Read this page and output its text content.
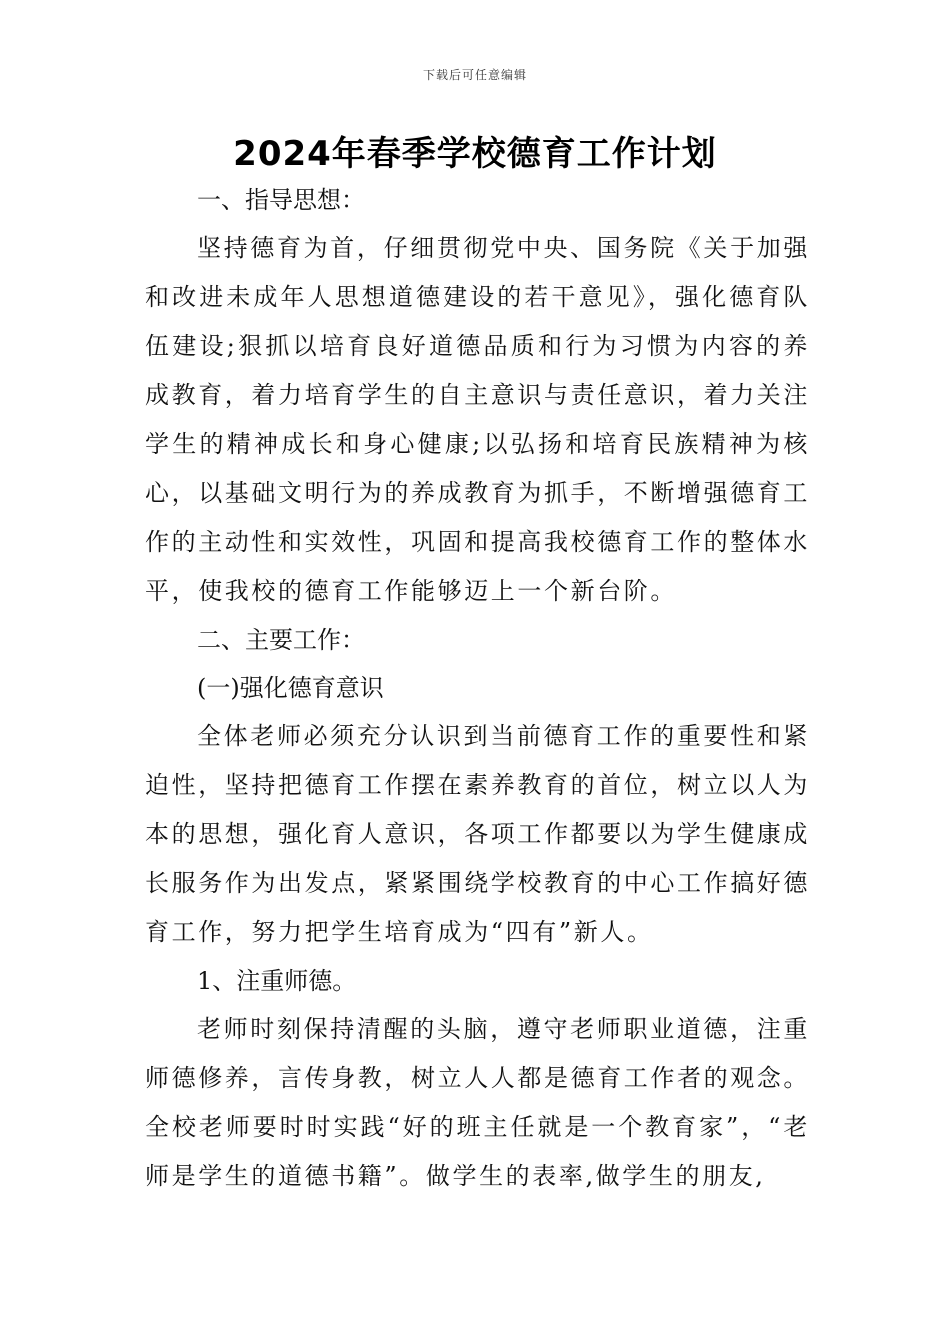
下载后可任意编辑
2024年春季学校德育工作计划

一、指导思想：

坚持德育为首，仔细贯彻党中央、国务院《关于加强和改进未成年人思想道德建设的若干意见》，强化德育队伍建设;狠抓以培育良好道德品质和行为习惯为内容的养成教育，着力培育学生的自主意识与责任意识，着力关注学生的精神成长和身心健康;以弘扬和培育民族精神为核心，以基础文明行为的养成教育为抓手，不断增强德育工作的主动性和实效性，巩固和提高我校德育工作的整体水平，使我校的德育工作能够迈上一个新台阶。

二、主要工作：

(一)强化德育意识

全体老师必须充分认识到当前德育工作的重要性和紧迫性，坚持把德育工作摆在素养教育的首位，树立以人为本的思想，强化育人意识，各项工作都要以为学生健康成长服务作为出发点，紧紧围绕学校教育的中心工作搞好德育工作，努力把学生培育成为“四有”新人。

1、注重师德。

老师时刻保持清醒的头脑，遵守老师职业道德，注重师德修养，言传身教，树立人人都是德育工作者的观念。全校老师要时时实践“好的班主任就是一个教育家”，“老师是学生的道德书籍”。做学生的表率,做学生的朋友,
